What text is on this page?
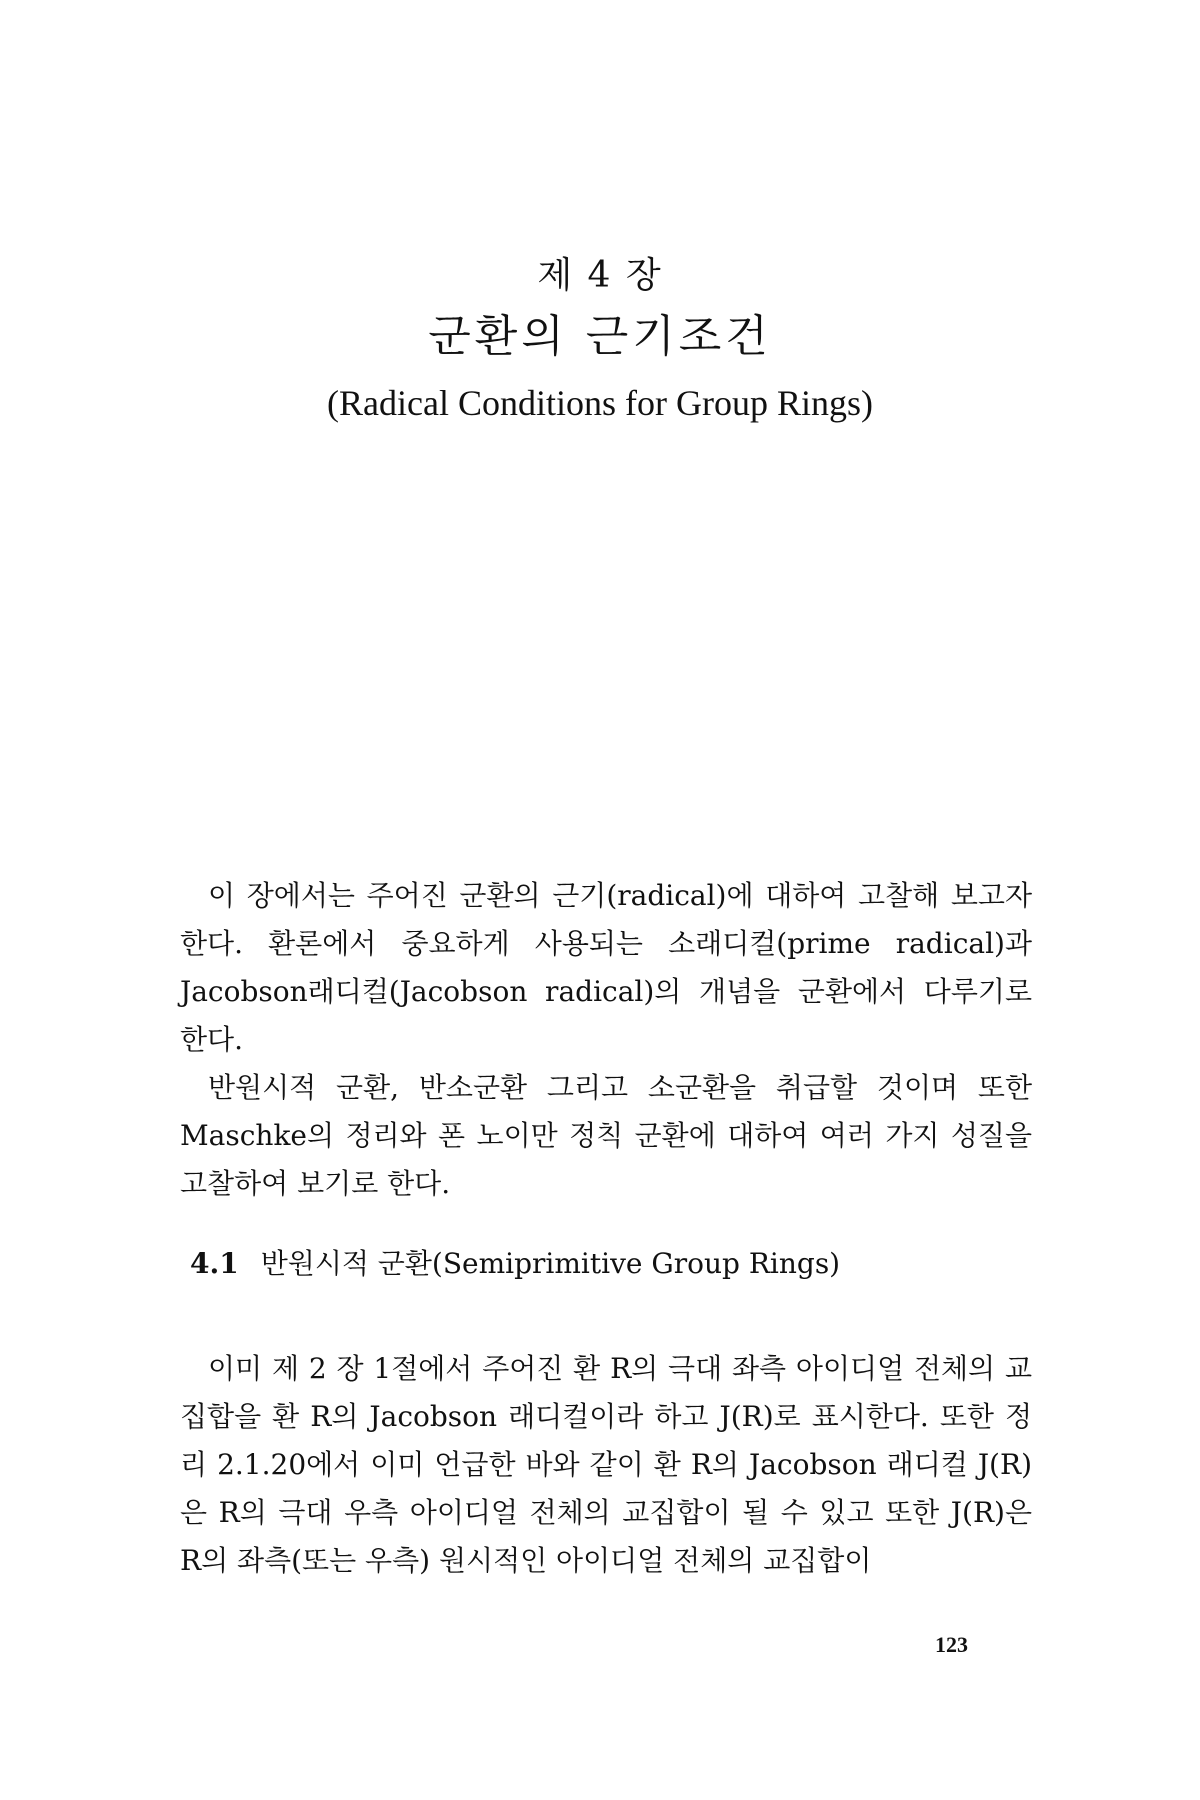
제 4 장
군환의 근기조건
(Radical Conditions for Group Rings)

이 장에서는 주어진 군환의 근기(radical)에 대하여 고찰해 보고자 한다. 환론에서 중요하게 사용되는 소래디컬(prime radical)과 Jacobson래디컬(Jacobson radical)의 개념을 군환에서 다루기로 한다.

반원시적 군환, 반소군환 그리고 소군환을 취급할 것이며 또한 Maschke의 정리와 폰 노이만 정칙 군환에 대하여 여러 가지 성질을 고찰하여 보기로 한다.

4.1 반원시적 군환(Semiprimitive Group Rings)

이미 제 2 장 1절에서 주어진 환 R의 극대 좌측 아이디얼 전체의 교집합을 환 R의 Jacobson 래디컬이라 하고 J(R)로 표시한다. 또한 정리 2.1.20에서 이미 언급한 바와 같이 환 R의 Jacobson 래디컬 J(R)은 R의 극대 우측 아이디얼 전체의 교집합이 될 수 있고 또한 J(R)은 R의 좌측(또는 우측) 원시적인 아이디얼 전체의 교집합이

123
